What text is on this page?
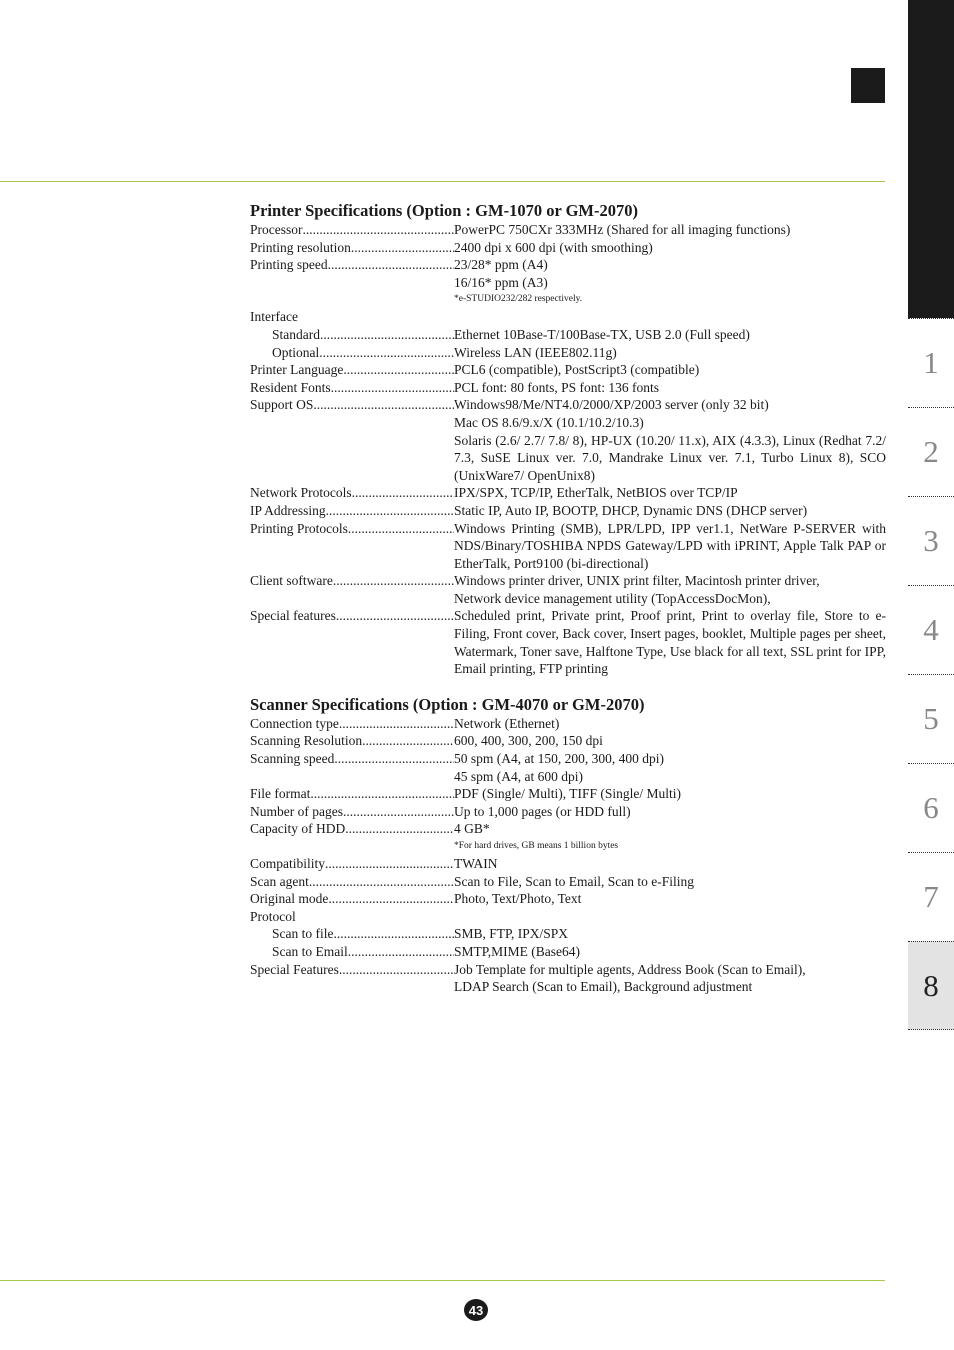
1
2
3
4
5
6
7
8
Printer Specifications (Option : GM-1070 or GM-2070)
Processor .....	PowerPC 750CXr 333MHz (Shared for all imaging functions)
Printing resolution .....	2400 dpi x 600 dpi (with smoothing)
Printing speed .....	23/28* ppm (A4)
16/16* ppm (A3)
*e-STUDIO232/282 respectively.
Interface
Standard .....	Ethernet 10Base-T/100Base-TX, USB 2.0 (Full speed)
Optional .....	Wireless LAN (IEEE802.11g)
Printer Language .....	PCL6 (compatible), PostScript3 (compatible)
Resident Fonts .....	PCL font: 80 fonts, PS font: 136 fonts
Support OS .....	Windows98/Me/NT4.0/2000/XP/2003 server (only 32 bit)
Mac OS 8.6/9.x/X (10.1/10.2/10.3)
Solaris (2.6/ 2.7/ 7.8/ 8), HP-UX (10.20/ 11.x), AIX (4.3.3), Linux (Redhat 7.2/ 7.3, SuSE Linux ver. 7.0, Mandrake Linux ver. 7.1, Turbo Linux 8), SCO (UnixWare7/ OpenUnix8)
Network Protocols .....	IPX/SPX, TCP/IP, EtherTalk, NetBIOS over TCP/IP
IP Addressing .....	Static IP, Auto IP, BOOTP, DHCP, Dynamic DNS (DHCP server)
Printing Protocols .....	Windows Printing (SMB), LPR/LPD, IPP ver1.1, NetWare P-SERVER with NDS/Binary/TOSHIBA NPDS Gateway/LPD with iPRINT, Apple Talk PAP or EtherTalk, Port9100 (bi-directional)
Client software .....	Windows printer driver, UNIX print filter, Macintosh printer driver,
Network device management utility (TopAccessDocMon),
Special features .....	Scheduled print, Private print, Proof print, Print to overlay file, Store to e-Filing, Front cover, Back cover, Insert pages, booklet, Multiple pages per sheet, Watermark, Toner save, Halftone Type, Use black for all text, SSL print for IPP, Email printing, FTP printing
Scanner Specifications (Option : GM-4070 or GM-2070)
Connection type .....	Network (Ethernet)
Scanning Resolution .....	600, 400, 300, 200, 150 dpi
Scanning speed .....	50 spm (A4, at 150, 200, 300, 400 dpi)
45 spm (A4, at 600 dpi)
File format .....	PDF (Single/ Multi), TIFF (Single/ Multi)
Number of pages .....	Up to 1,000 pages (or HDD full)
Capacity of HDD .....	4 GB*
*For hard drives, GB means 1 billion bytes
Compatibility .....	TWAIN
Scan agent .....	Scan to File, Scan to Email, Scan to e-Filing
Original mode .....	Photo, Text/Photo, Text
Protocol
Scan to file .....	SMB, FTP, IPX/SPX
Scan to Email .....	SMTP,MIME (Base64)
Special Features .....	Job Template for multiple agents, Address Book (Scan to Email),
LDAP Search (Scan to Email), Background adjustment
43
